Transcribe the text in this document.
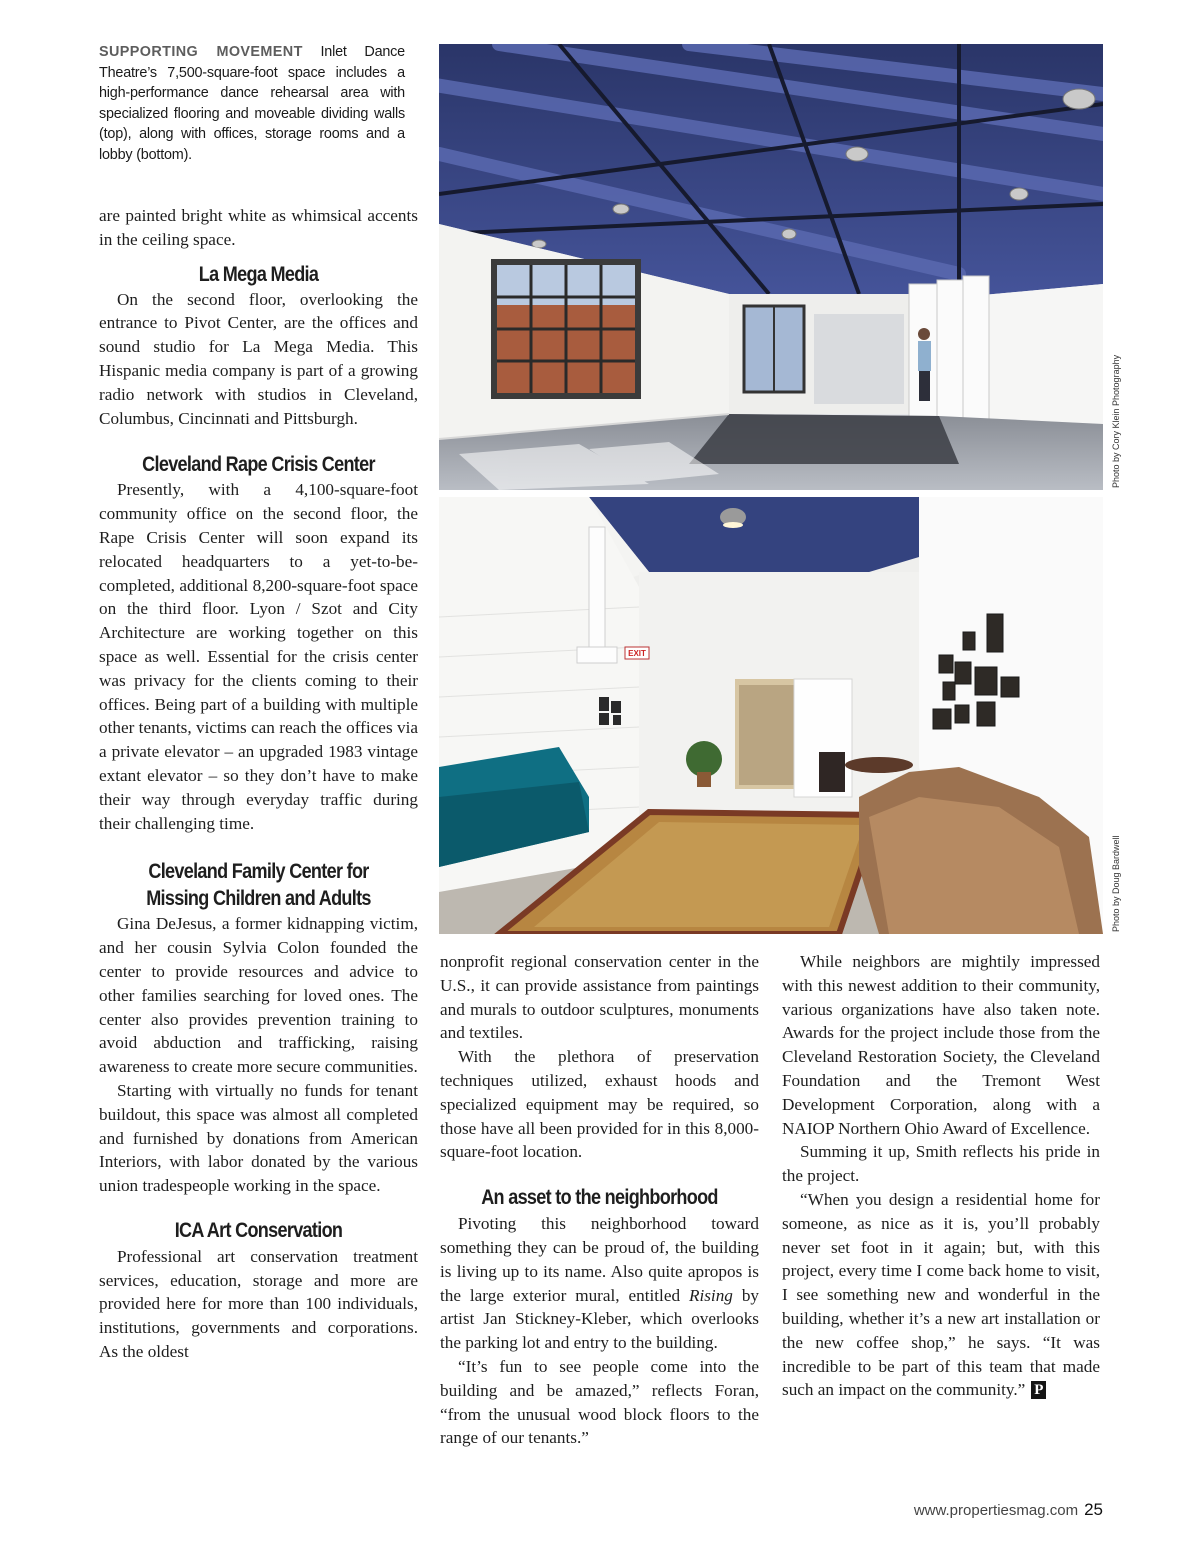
SUPPORTING MOVEMENT Inlet Dance Theatre’s 7,500-square-foot space includes a high-performance dance rehearsal area with specialized flooring and moveable dividing walls (top), along with offices, storage rooms and a lobby (bottom).

are painted bright white as whimsical accents in the ceiling space.

La Mega Media

On the second floor, overlooking the entrance to Pivot Center, are the offices and sound studio for La Mega Media. This Hispanic media company is part of a growing radio network with studios in Cleveland, Columbus, Cincinnati and Pittsburgh.

Cleveland Rape Crisis Center

Presently, with a 4,100-square-foot community office on the second floor, the Rape Crisis Center will soon expand its relocated headquarters to a yet-to-be-completed, additional 8,200-square-foot space on the third floor. Lyon / Szot and City Architecture are working together on this space as well. Essential for the crisis center was privacy for the clients coming to their offices. Being part of a building with multiple other tenants, victims can reach the offices via a private elevator – an upgraded 1983 vintage extant elevator – so they don’t have to make their way through everyday traffic during their challenging time.

Cleveland Family Center for
Missing Children and Adults

Gina DeJesus, a former kidnapping victim, and her cousin Sylvia Colon founded the center to provide resources and advice to other families searching for loved ones. The center also provides prevention training to avoid abduction and trafficking, raising awareness to create more secure communities.

Starting with virtually no funds for tenant buildout, this space was almost all completed and furnished by donations from American Interiors, with labor donated by the various union tradespeople working in the space.

ICA Art Conservation

Professional art conservation treatment services, education, storage and more are provided here for more than 100 individuals, institutions, governments and corporations. As the oldest

nonprofit regional conservation center in the U.S., it can provide assistance from paintings and murals to outdoor sculptures, monuments and textiles.

With the plethora of preservation techniques utilized, exhaust hoods and specialized equipment may be required, so those have all been provided for in this 8,000-square-foot location.

An asset to the neighborhood

Pivoting this neighborhood toward something they can be proud of, the building is living up to its name. Also quite apropos is the large exterior mural, entitled Rising by artist Jan Stickney-Kleber, which overlooks the parking lot and entry to the building.

“It’s fun to see people come into the building and be amazed,” reflects Foran, “from the unusual wood block floors to the range of our tenants.”

While neighbors are mightily impressed with this newest addition to their community, various organizations have also taken note. Awards for the project include those from the Cleveland Restoration Society, the Cleveland Foundation and the Tremont West Development Corporation, along with a NAIOP Northern Ohio Award of Excellence.

Summing it up, Smith reflects his pride in the project.

“When you design a residential home for someone, as nice as it is, you’ll probably never set foot in it again; but, with this project, every time I come back home to visit, I see something new and wonderful in the building, whether it’s a new art installation or the new coffee shop,” he says. “It was incredible to be part of this team that made such an impact on the community.” P

EXIT
Photo by Cory Klein Photography
Photo by Doug Bardwell
www.propertiesmag.com 25
